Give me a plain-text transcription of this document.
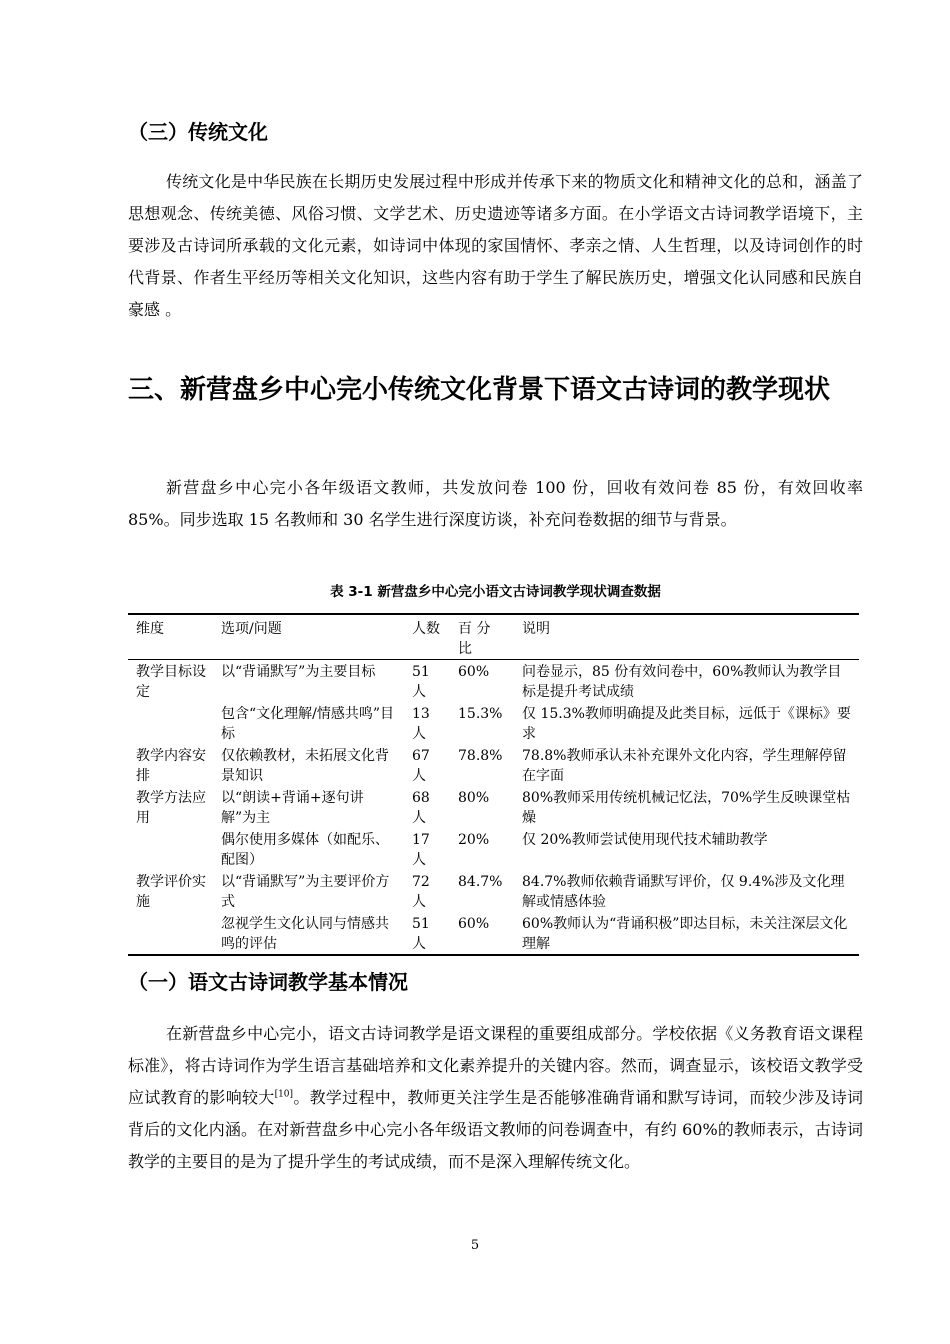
（三）传统文化

传统文化是中华民族在长期历史发展过程中形成并传承下来的物质文化和精神文化的总和，涵盖了思想观念、传统美德、风俗习惯、文学艺术、历史遗迹等诸多方面。在小学语文古诗词教学语境下，主要涉及古诗词所承载的文化元素，如诗词中体现的家国情怀、孝亲之情、人生哲理，以及诗词创作的时代背景、作者生平经历等相关文化知识，这些内容有助于学生了解民族历史，增强文化认同感和民族自豪感 。

三、新营盘乡中心完小传统文化背景下语文古诗词的教学现状

新营盘乡中心完小各年级语文教师，共发放问卷 100 份，回收有效问卷 85 份，有效回收率 85%。同步选取 15 名教师和 30 名学生进行深度访谈，补充问卷数据的细节与背景。

表 3-1 新营盘乡中心完小语文古诗词教学现状调查数据
维度	选项/问题	人数	百 分 比	说明
教学目标设定	以“背诵默写”为主要目标	51 人	60%	问卷显示，85 份有效问卷中，60%教师认为教学目标是提升考试成绩
	包含“文化理解/情感共鸣”目标	13 人	15.3%	仅 15.3%教师明确提及此类目标，远低于《课标》要求
教学内容安排	仅依赖教材，未拓展文化背景知识	67 人	78.8%	78.8%教师承认未补充课外文化内容，学生理解停留在字面
教学方法应用	以“朗读+背诵+逐句讲解”为主	68 人	80%	80%教师采用传统机械记忆法，70%学生反映课堂枯燥
	偶尔使用多媒体（如配乐、配图）	17 人	20%	仅 20%教师尝试使用现代技术辅助教学
教学评价实施	以“背诵默写”为主要评价方式	72 人	84.7%	84.7%教师依赖背诵默写评价，仅 9.4%涉及文化理解或情感体验
	忽视学生文化认同与情感共鸣的评估	51 人	60%	60%教师认为“背诵积极”即达目标，未关注深层文化理解
（一）语文古诗词教学基本情况

在新营盘乡中心完小，语文古诗词教学是语文课程的重要组成部分。学校依据《义务教育语文课程标准》，将古诗词作为学生语言基础培养和文化素养提升的关键内容。然而，调查显示，该校语文教学受应试教育的影响较大[10]。教学过程中，教师更关注学生是否能够准确背诵和默写诗词，而较少涉及诗词背后的文化内涵。在对新营盘乡中心完小各年级语文教师的问卷调查中，有约 60%的教师表示，古诗词教学的主要目的是为了提升学生的考试成绩，而不是深入理解传统文化。

5
